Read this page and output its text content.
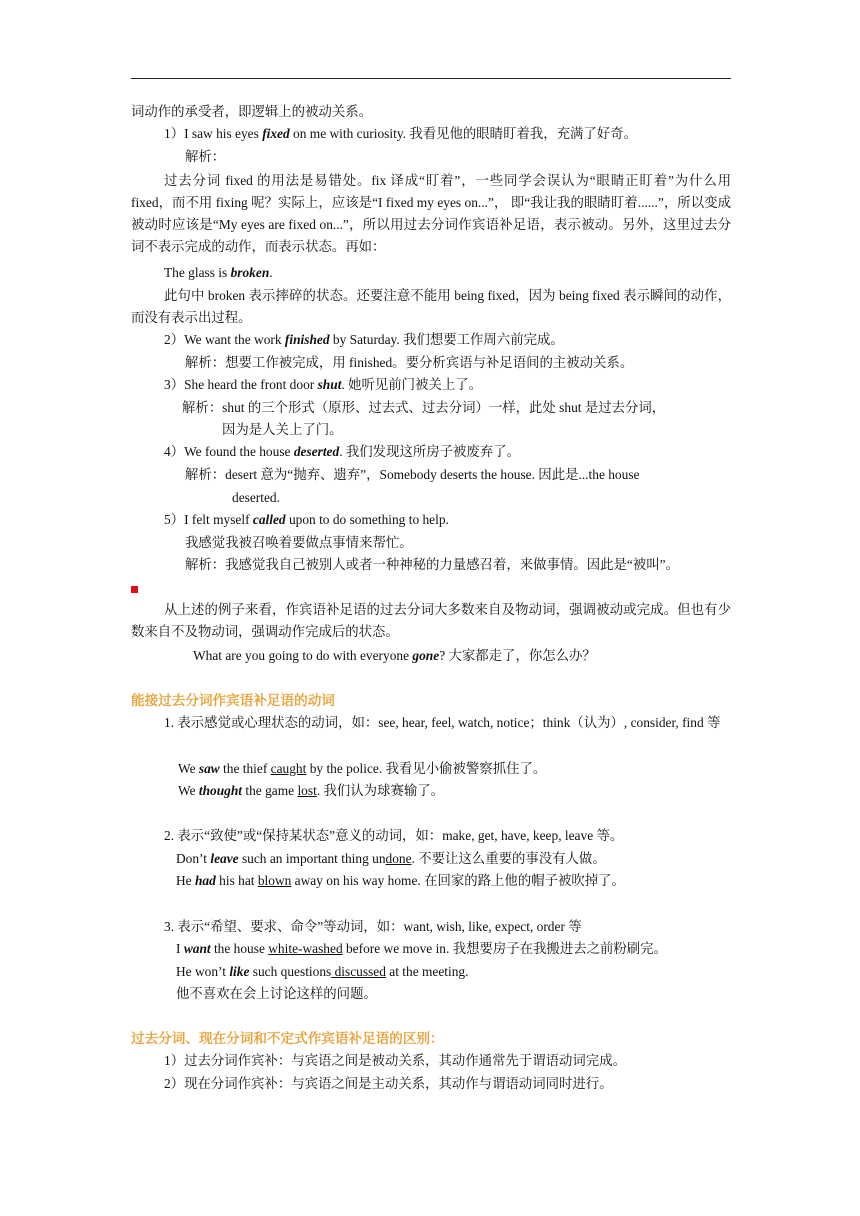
词动作的承受者，即逻辑上的被动关系。
1）I saw his eyes fixed on me with curiosity. 我看见他的眼睛盯着我，充满了好奇。
解析：
过去分词 fixed 的用法是易错处。fix 译成“盯着”，一些同学会误认为“眼睛正盯着”为什么用 fixed，而不用 fixing 呢？实际上，应该是“I fixed my eyes on...”， 即“我让我的眼睛盯着......”，所以变成被动时应该是“My eyes are fixed on...”，所以用过去分词作宾语补足语，表示被动。另外，这里过去分词不表示完成的动作，而表示状态。再如：
The glass is broken.
此句中 broken 表示摔碎的状态。还要注意不能用 being fixed，因为 being fixed 表示瞬间的动作，而没有表示出过程。
2）We want the work finished by Saturday. 我们想要工作周六前完成。
解析：想要工作被完成，用 finished。要分析宾语与补足语间的主被动关系。
3）She heard the front door shut. 她听见前门被关上了。
解析：shut 的三个形式（原形、过去式、过去分词）一样，此处 shut 是过去分词，
因为是人关上了门。
4）We found the house deserted. 我们发现这所房子被废弃了。
解析：desert 意为“抛弃、遗弃”，Somebody deserts the house. 因此是...the house
deserted.
5）I felt myself called upon to do something to help.
我感觉我被召唤着要做点事情来帮忙。
解析：我感觉我自己被别人或者一种神秘的力量感召着，来做事情。因此是“被叫”。
从上述的例子来看，作宾语补足语的过去分词大多数来自及物动词，强调被动或完成。但也有少数来自不及物动词，强调动作完成后的状态。
What are you going to do with everyone gone? 大家都走了，你怎么办？
能接过去分词作宾语补足语的动词
1. 表示感觉或心理状态的动词，如：see, hear, feel, watch, notice；think（认为）, consider, find 等
We saw the thief caught by the police. 我看见小偷被警察抓住了。
We thought the game lost. 我们认为球赛输了。
2. 表示“致使”或“保持某状态”意义的动词，如：make, get, have, keep, leave 等。
Don’t leave such an important thing undone. 不要让这么重要的事没有人做。
He had his hat blown away on his way home. 在回家的路上他的帽子被吹掉了。
3. 表示“希望、要求、命令”等动词，如：want, wish, like, expect, order 等
I want the house white-washed before we move in. 我想要房子在我搬进去之前粉刷完。
He won’t like such questions discussed at the meeting.
他不喜欢在会上讨论这样的问题。
过去分词、现在分词和不定式作宾语补足语的区别：
1）过去分词作宾补：与宾语之间是被动关系，其动作通常先于谓语动词完成。
2）现在分词作宾补：与宾语之间是主动关系，其动作与谓语动词同时进行。
